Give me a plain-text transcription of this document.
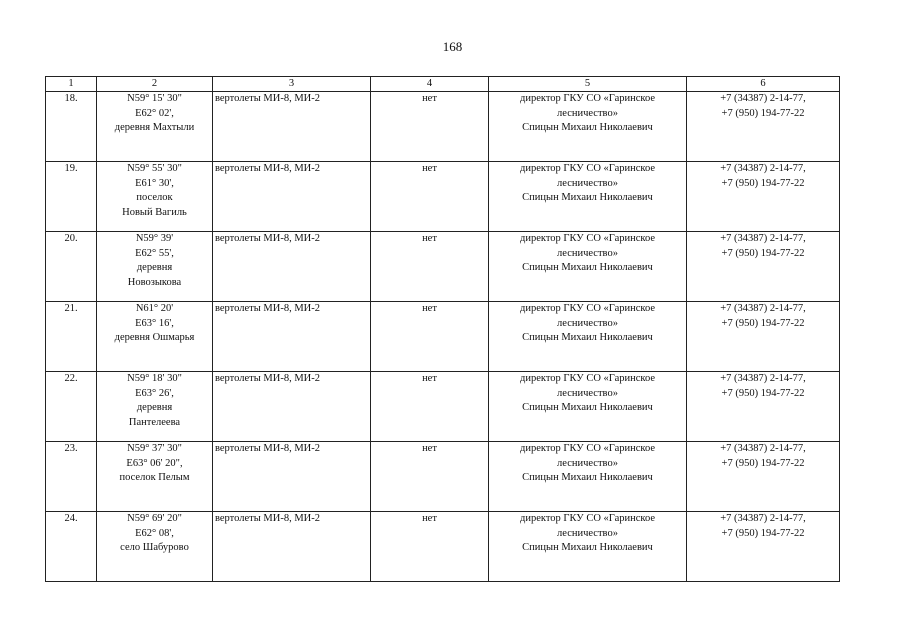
168
1	2	3	4	5	6

18.	N59° 15' 30"
E62° 02',
деревня Махтыли	вертолеты МИ-8, МИ-2	нет	директор ГКУ СО «Гаринское
лесничество»
Спицын Михаил Николаевич	+7 (34387) 2-14-77,
+7 (950) 194-77-22

19.	N59° 55' 30"
E61° 30',
поселок
Новый Вагиль	вертолеты МИ-8, МИ-2	нет	директор ГКУ СО «Гаринское
лесничество»
Спицын Михаил Николаевич	+7 (34387) 2-14-77,
+7 (950) 194-77-22

20.	N59° 39'
E62° 55',
деревня
Новозыкова	вертолеты МИ-8, МИ-2	нет	директор ГКУ СО «Гаринское
лесничество»
Спицын Михаил Николаевич	+7 (34387) 2-14-77,
+7 (950) 194-77-22

21.	N61° 20'
E63° 16',
деревня Ошмарья	вертолеты МИ-8, МИ-2	нет	директор ГКУ СО «Гаринское
лесничество»
Спицын Михаил Николаевич	+7 (34387) 2-14-77,
+7 (950) 194-77-22

22.	N59° 18' 30"
E63° 26',
деревня
Пантелеева	вертолеты МИ-8, МИ-2	нет	директор ГКУ СО «Гаринское
лесничество»
Спицын Михаил Николаевич	+7 (34387) 2-14-77,
+7 (950) 194-77-22

23.	N59° 37' 30"
E63° 06' 20",
поселок Пелым	вертолеты МИ-8, МИ-2	нет	директор ГКУ СО «Гаринское
лесничество»
Спицын Михаил Николаевич	+7 (34387) 2-14-77,
+7 (950) 194-77-22

24.	N59° 69' 20"
E62° 08',
село Шабурово	вертолеты МИ-8, МИ-2	нет	директор ГКУ СО «Гаринское
лесничество»
Спицын Михаил Николаевич	+7 (34387) 2-14-77,
+7 (950) 194-77-22
